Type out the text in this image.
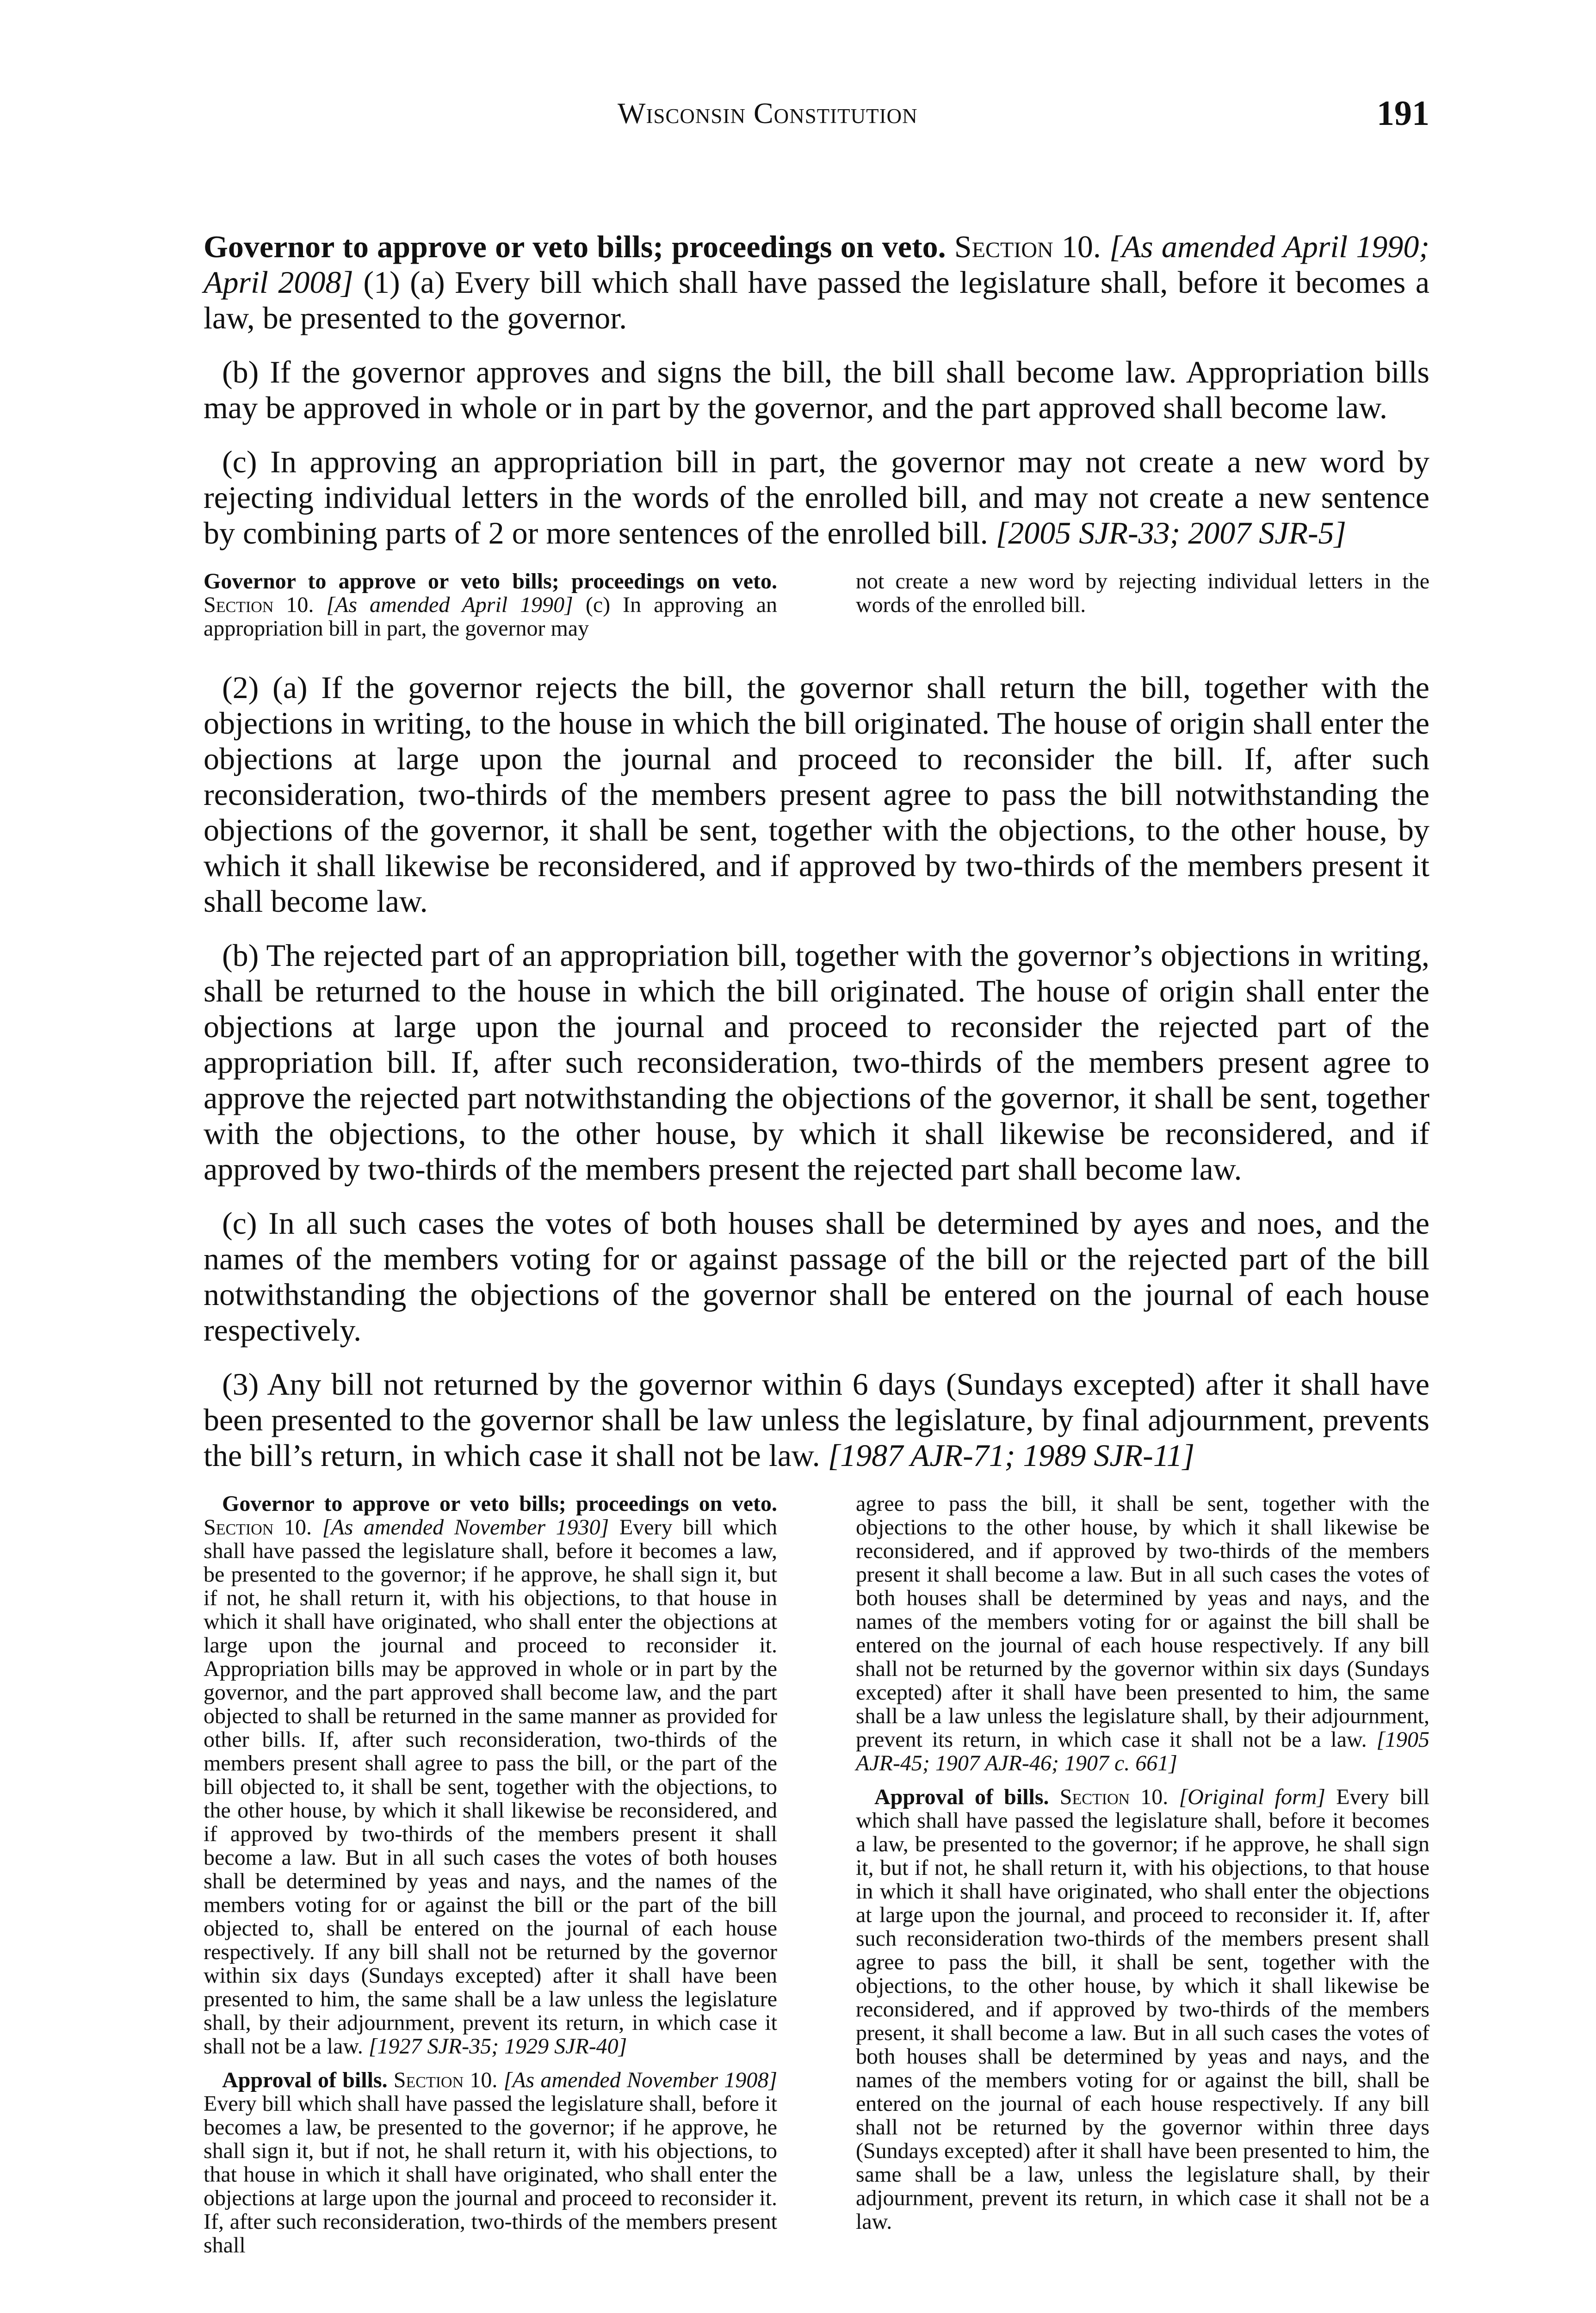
Wisconsin Constitution	191

Governor to approve or veto bills; proceedings on veto. Section 10. [As amended April 1990; April 2008] (1) (a) Every bill which shall have passed the legislature shall, before it becomes a law, be presented to the governor.

(b) If the governor approves and signs the bill, the bill shall become law. Appropriation bills may be approved in whole or in part by the governor, and the part approved shall become law.

(c) In approving an appropriation bill in part, the governor may not create a new word by rejecting individual letters in the words of the enrolled bill, and may not create a new sentence by combining parts of 2 or more sentences of the enrolled bill. [2005 SJR-33; 2007 SJR-5]

Governor to approve or veto bills; proceedings on veto. Section 10. [As amended April 1990] (c) In approving an appropriation bill in part, the governor may

not create a new word by rejecting individual letters in the words of the enrolled bill.

(2) (a) If the governor rejects the bill, the governor shall return the bill, together with the objections in writing, to the house in which the bill originated. The house of origin shall enter the objections at large upon the journal and proceed to reconsider the bill. If, after such reconsideration, two-thirds of the members present agree to pass the bill notwithstanding the objections of the governor, it shall be sent, together with the objections, to the other house, by which it shall likewise be reconsidered, and if approved by two-thirds of the members present it shall become law.

(b) The rejected part of an appropriation bill, together with the governor’s objections in writing, shall be returned to the house in which the bill originated. The house of origin shall enter the objections at large upon the journal and proceed to reconsider the rejected part of the appropriation bill. If, after such reconsideration, two-thirds of the members present agree to approve the rejected part notwithstanding the objections of the governor, it shall be sent, together with the objections, to the other house, by which it shall likewise be reconsidered, and if approved by two-thirds of the members present the rejected part shall become law.

(c) In all such cases the votes of both houses shall be determined by ayes and noes, and the names of the members voting for or against passage of the bill or the rejected part of the bill notwithstanding the objections of the governor shall be entered on the journal of each house respectively.

(3) Any bill not returned by the governor within 6 days (Sundays excepted) after it shall have been presented to the governor shall be law unless the legislature, by final adjournment, prevents the bill’s return, in which case it shall not be law. [1987 AJR-71; 1989 SJR-11]

Governor to approve or veto bills; proceedings on veto. Section 10. [As amended November 1930] Every bill which shall have passed the legislature shall, before it becomes a law, be presented to the governor; if he approve, he shall sign it, but if not, he shall return it, with his objections, to that house in which it shall have originated, who shall enter the objections at large upon the journal and proceed to reconsider it. Appropriation bills may be approved in whole or in part by the governor, and the part approved shall become law, and the part objected to shall be returned in the same manner as provided for other bills. If, after such reconsideration, two-thirds of the members present shall agree to pass the bill, or the part of the bill objected to, it shall be sent, together with the objections, to the other house, by which it shall likewise be reconsidered, and if approved by two-thirds of the members present it shall become a law. But in all such cases the votes of both houses shall be determined by yeas and nays, and the names of the members voting for or against the bill or the part of the bill objected to, shall be entered on the journal of each house respectively. If any bill shall not be returned by the governor within six days (Sundays excepted) after it shall have been presented to him, the same shall be a law unless the legislature shall, by their adjournment, prevent its return, in which case it shall not be a law. [1927 SJR-35; 1929 SJR-40]

Approval of bills. Section 10. [As amended November 1908] Every bill which shall have passed the legislature shall, before it becomes a law, be presented to the governor; if he approve, he shall sign it, but if not, he shall return it, with his objections, to that house in which it shall have originated, who shall enter the objections at large upon the journal and proceed to reconsider it. If, after such reconsideration, two-thirds of the members present shall

agree to pass the bill, it shall be sent, together with the objections to the other house, by which it shall likewise be reconsidered, and if approved by two-thirds of the members present it shall become a law. But in all such cases the votes of both houses shall be determined by yeas and nays, and the names of the members voting for or against the bill shall be entered on the journal of each house respectively. If any bill shall not be returned by the governor within six days (Sundays excepted) after it shall have been presented to him, the same shall be a law unless the legislature shall, by their adjournment, prevent its return, in which case it shall not be a law. [1905 AJR-45; 1907 AJR-46; 1907 c. 661]

Approval of bills. Section 10. [Original form] Every bill which shall have passed the legislature shall, before it becomes a law, be presented to the governor; if he approve, he shall sign it, but if not, he shall return it, with his objections, to that house in which it shall have originated, who shall enter the objections at large upon the journal, and proceed to reconsider it. If, after such reconsideration two-thirds of the members present shall agree to pass the bill, it shall be sent, together with the objections, to the other house, by which it shall likewise be reconsidered, and if approved by two-thirds of the members present, it shall become a law. But in all such cases the votes of both houses shall be determined by yeas and nays, and the names of the members voting for or against the bill, shall be entered on the journal of each house respectively. If any bill shall not be returned by the governor within three days (Sundays excepted) after it shall have been presented to him, the same shall be a law, unless the legislature shall, by their adjournment, prevent its return, in which case it shall not be a law.
